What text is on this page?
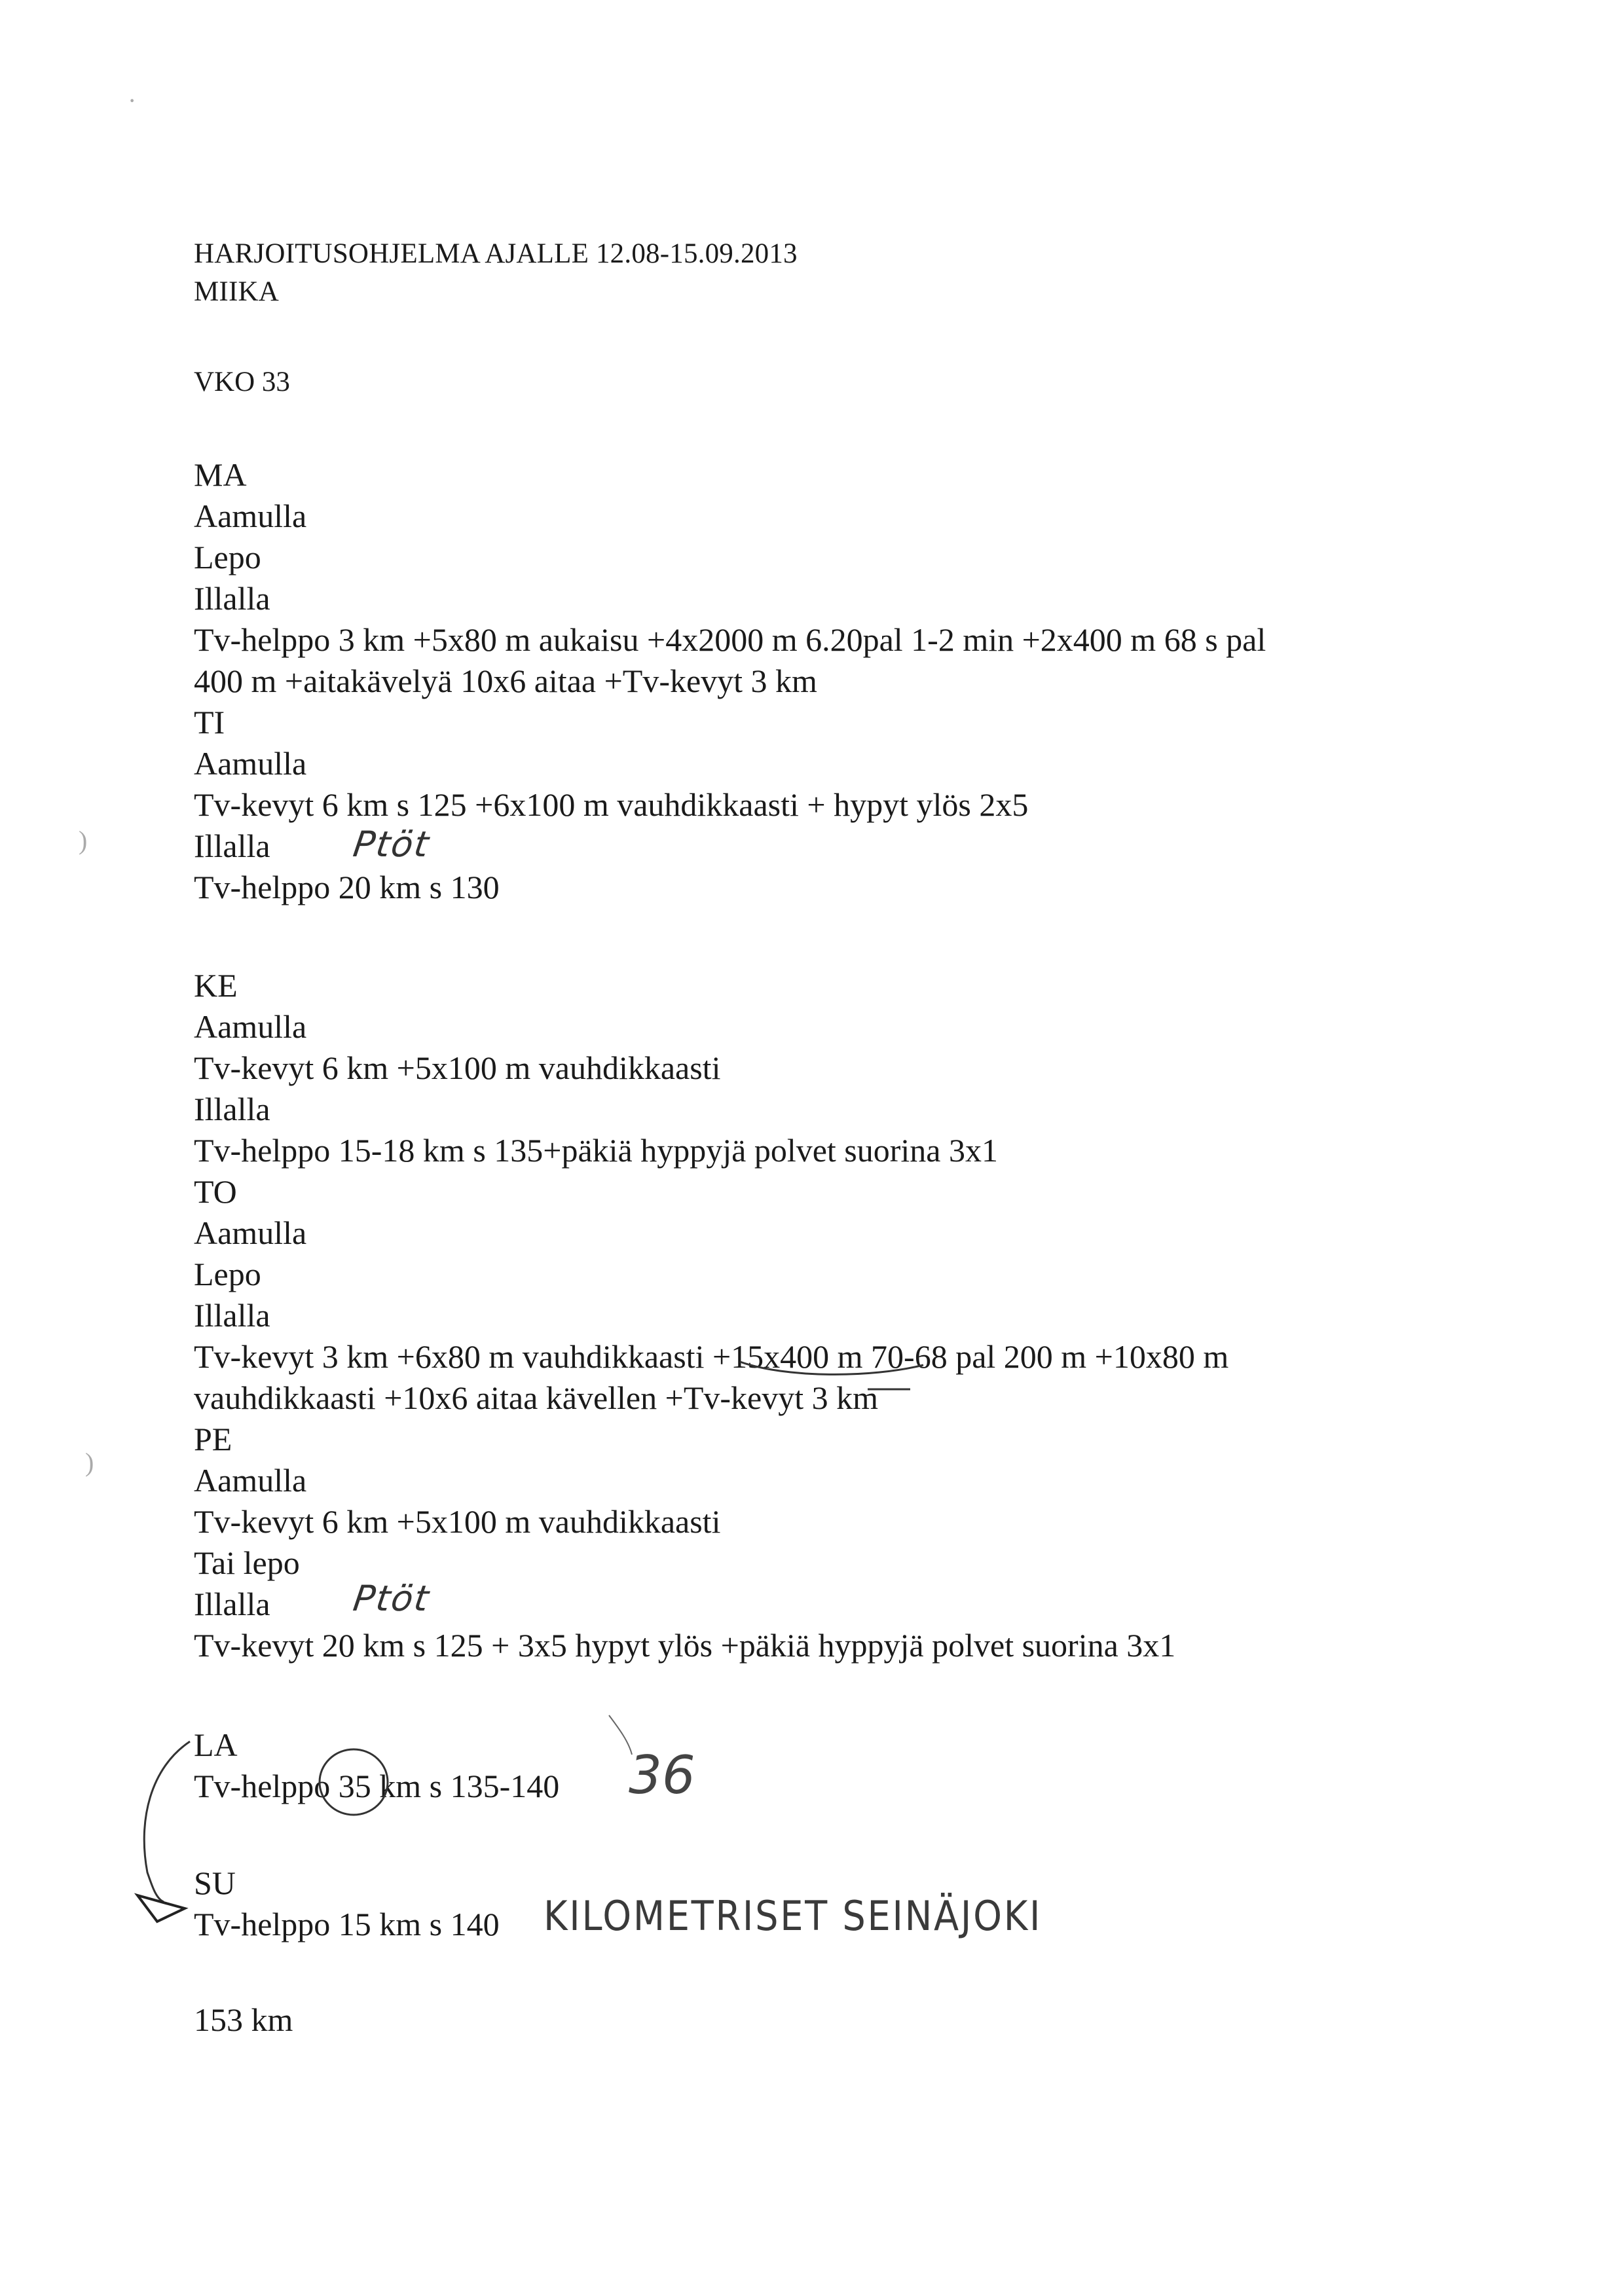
HARJOITUSOHJELMA AJALLE 12.08-15.09.2013
MIIKA
VKO 33
MA
Aamulla
Lepo
Illalla
Tv-helppo 3 km +5x80 m aukaisu +4x2000 m 6.20pal 1-2 min +2x400 m 68 s pal
400 m +aitakävelyä 10x6 aitaa +Tv-kevyt 3 km
TI
Aamulla
Tv-kevyt 6 km s 125 +6x100 m vauhdikkaasti + hypyt ylös 2x5
Illalla
Tv-helppo 20 km s 130
KE
Aamulla
Tv-kevyt 6 km +5x100 m vauhdikkaasti
Illalla
Tv-helppo 15-18 km s 135+päkiä hyppyjä polvet suorina 3x1
TO
Aamulla
Lepo
Illalla
Tv-kevyt 3 km +6x80 m vauhdikkaasti +15x400 m 70-68 pal 200 m +10x80 m
vauhdikkaasti +10x6 aitaa kävellen +Tv-kevyt 3 km
PE
Aamulla
Tv-kevyt 6 km +5x100 m vauhdikkaasti
Tai lepo
Illalla
Tv-kevyt 20 km s 125 + 3x5 hypyt ylös +päkiä hyppyjä polvet suorina 3x1
LA
Tv-helppo 35 km s 135-140
SU
Tv-helppo 15 km s 140
153 km
Ptöt
Ptöt
36
KILOMETRISET SEINÄJOKI
·
)
)
